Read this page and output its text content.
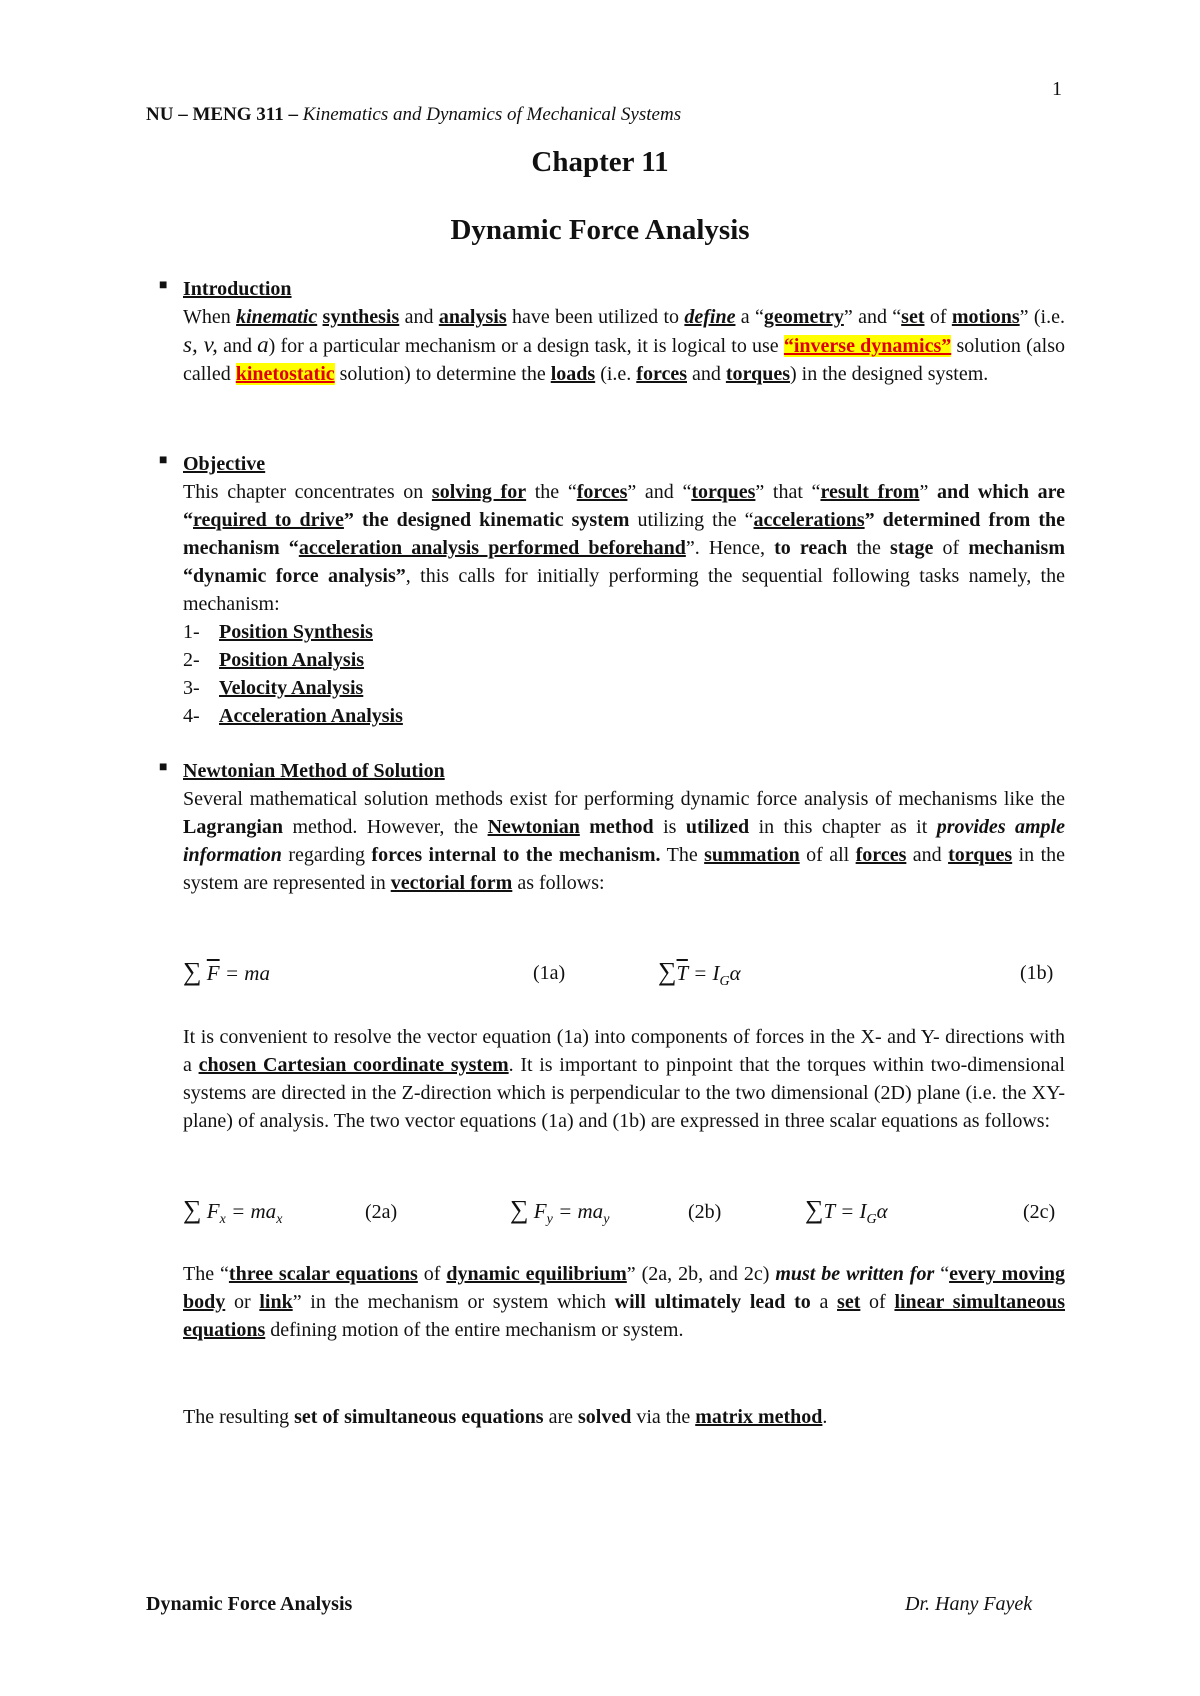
1
NU – MENG 311 – Kinematics and Dynamics of Mechanical Systems
Chapter 11
Dynamic Force Analysis
■ Introduction
When kinematic synthesis and analysis have been utilized to define a “geometry” and “set of motions” (i.e. s, v, and a) for a particular mechanism or a design task, it is logical to use “inverse dynamics” solution (also called kinetostatic solution) to determine the loads (i.e. forces and torques) in the designed system.
■ Objective
This chapter concentrates on solving for the “forces” and “torques” that “result from” and which are “required to drive” the designed kinematic system utilizing the “accelerations” determined from the mechanism “acceleration analysis performed beforehand”. Hence, to reach the stage of mechanism “dynamic force analysis”, this calls for initially performing the sequential following tasks namely, the mechanism:
1- Position Synthesis
2- Position Analysis
3- Velocity Analysis
4- Acceleration Analysis
■ Newtonian Method of Solution
Several mathematical solution methods exist for performing dynamic force analysis of mechanisms like the Lagrangian method. However, the Newtonian method is utilized in this chapter as it provides ample information regarding forces internal to the mechanism. The summation of all forces and torques in the system are represented in vectorial form as follows:
∑ $\overline{F}$ = ma	(1a)	$\sum\overline{T} = I_G\alpha$	(1b)
It is convenient to resolve the vector equation (1a) into components of forces in the X- and Y- directions with a chosen Cartesian coordinate system. It is important to pinpoint that the torques within two-dimensional systems are directed in the Z-direction which is perpendicular to the two dimensional (2D) plane (i.e. the XY-plane) of analysis. The two vector equations (1a) and (1b) are expressed in three scalar equations as follows:
∑ $F_x = ma_x$	(2a)	∑ $F_y = ma_y$	(2b)	$\sum T = I_G\alpha$	(2c)
The “three scalar equations of dynamic equilibrium” (2a, 2b, and 2c) must be written for “every moving body or link” in the mechanism or system which will ultimately lead to a set of linear simultaneous equations defining motion of the entire mechanism or system.
The resulting set of simultaneous equations are solved via the matrix method.
Dynamic Force Analysis	Dr. Hany Fayek
